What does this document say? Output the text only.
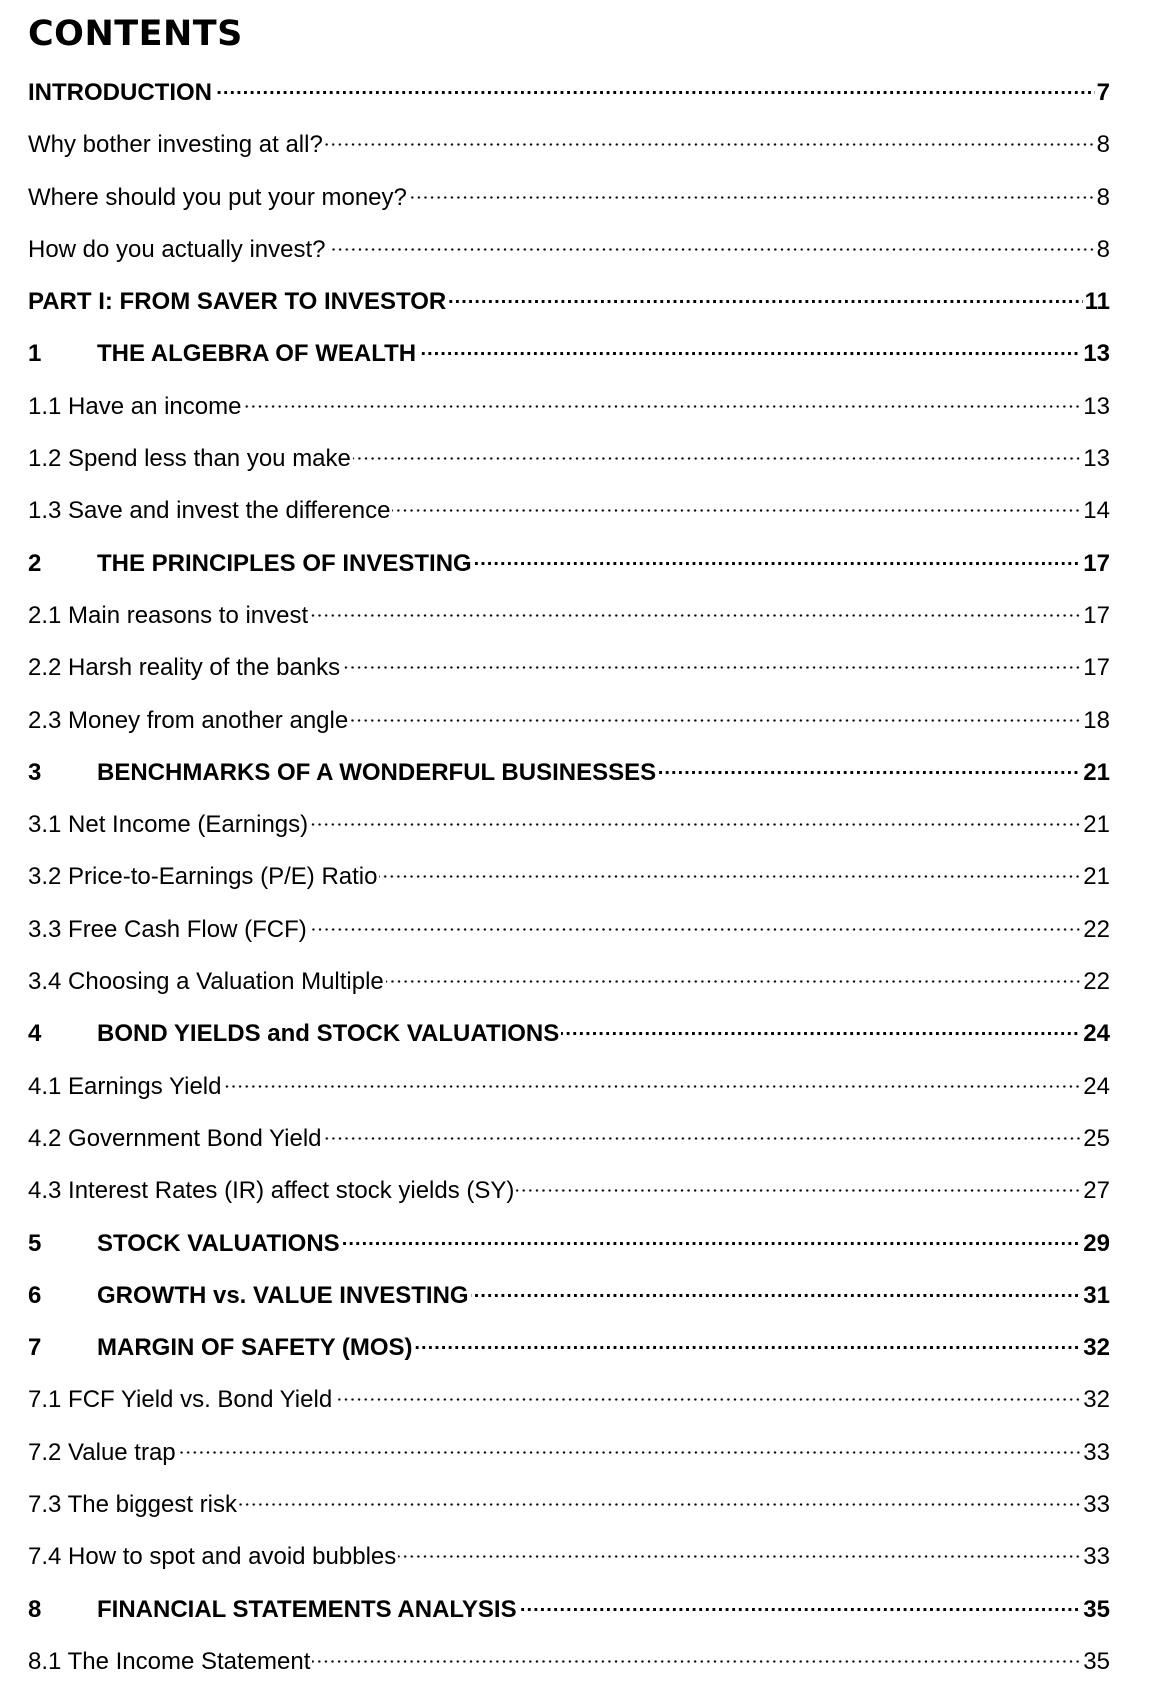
CONTENTS
INTRODUCTION	7
Why bother investing at all?	8
Where should you put your money?	8
How do you actually invest?	8
PART I: FROM SAVER TO INVESTOR	11
1	THE ALGEBRA OF WEALTH	13
1.1 Have an income	13
1.2 Spend less than you make	13
1.3 Save and invest the difference	14
2	THE PRINCIPLES OF INVESTING	17
2.1 Main reasons to invest	17
2.2 Harsh reality of the banks	17
2.3 Money from another angle	18
3	BENCHMARKS OF A WONDERFUL BUSINESSES	21
3.1 Net Income (Earnings)	21
3.2 Price-to-Earnings (P/E) Ratio	21
3.3 Free Cash Flow (FCF)	22
3.4 Choosing a Valuation Multiple	22
4	BOND YIELDS and STOCK VALUATIONS	24
4.1 Earnings Yield	24
4.2 Government Bond Yield	25
4.3 Interest Rates (IR) affect stock yields (SY)	27
5	STOCK VALUATIONS	29
6	GROWTH vs. VALUE INVESTING	31
7	MARGIN OF SAFETY (MOS)	32
7.1 FCF Yield vs. Bond Yield	32
7.2 Value trap	33
7.3 The biggest risk	33
7.4 How to spot and avoid bubbles	33
8	FINANCIAL STATEMENTS ANALYSIS	35
8.1 The Income Statement	35
